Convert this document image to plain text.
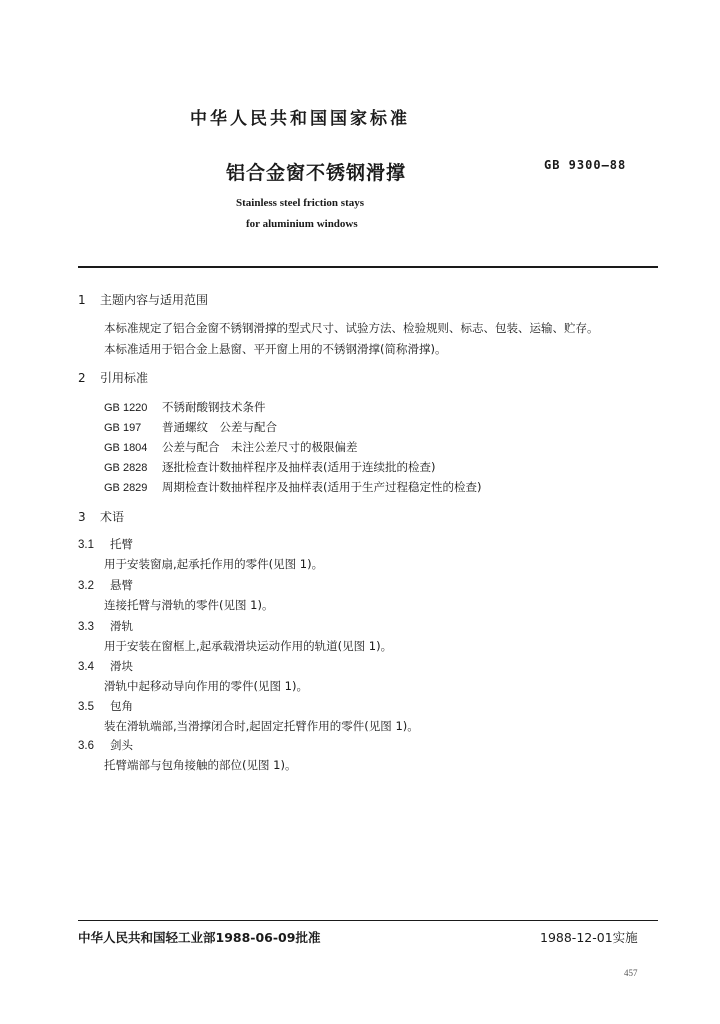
中华人民共和国国家标准
铝合金窗不锈钢滑撑	GB 9300—88
Stainless steel friction stays
for aluminium windows
1 主题内容与适用范围
本标准规定了铝合金窗不锈钢滑撑的型式尺寸、试验方法、检验规则、标志、包装、运输、贮存。
本标准适用于铝合金上悬窗、平开窗上用的不锈钢滑撑(简称滑撑)。
2 引用标准
GB 1220 不锈耐酸钢技术条件
GB 197 普通螺纹　公差与配合
GB 1804 公差与配合　未注公差尺寸的极限偏差
GB 2828 逐批检查计数抽样程序及抽样表(适用于连续批的检查)
GB 2829 周期检查计数抽样程序及抽样表(适用于生产过程稳定性的检查)
3 术语
3.1 托臂
用于安装窗扇,起承托作用的零件(见图 1)。
3.2 悬臂
连接托臂与滑轨的零件(见图 1)。
3.3 滑轨
用于安装在窗框上,起承载滑块运动作用的轨道(见图 1)。
3.4 滑块
滑轨中起移动导向作用的零件(见图 1)。
3.5 包角
装在滑轨端部,当滑撑闭合时,起固定托臂作用的零件(见图 1)。
3.6 剑头
托臂端部与包角接触的部位(见图 1)。
中华人民共和国轻工业部1988-06-09批准	1988-12-01实施
457
